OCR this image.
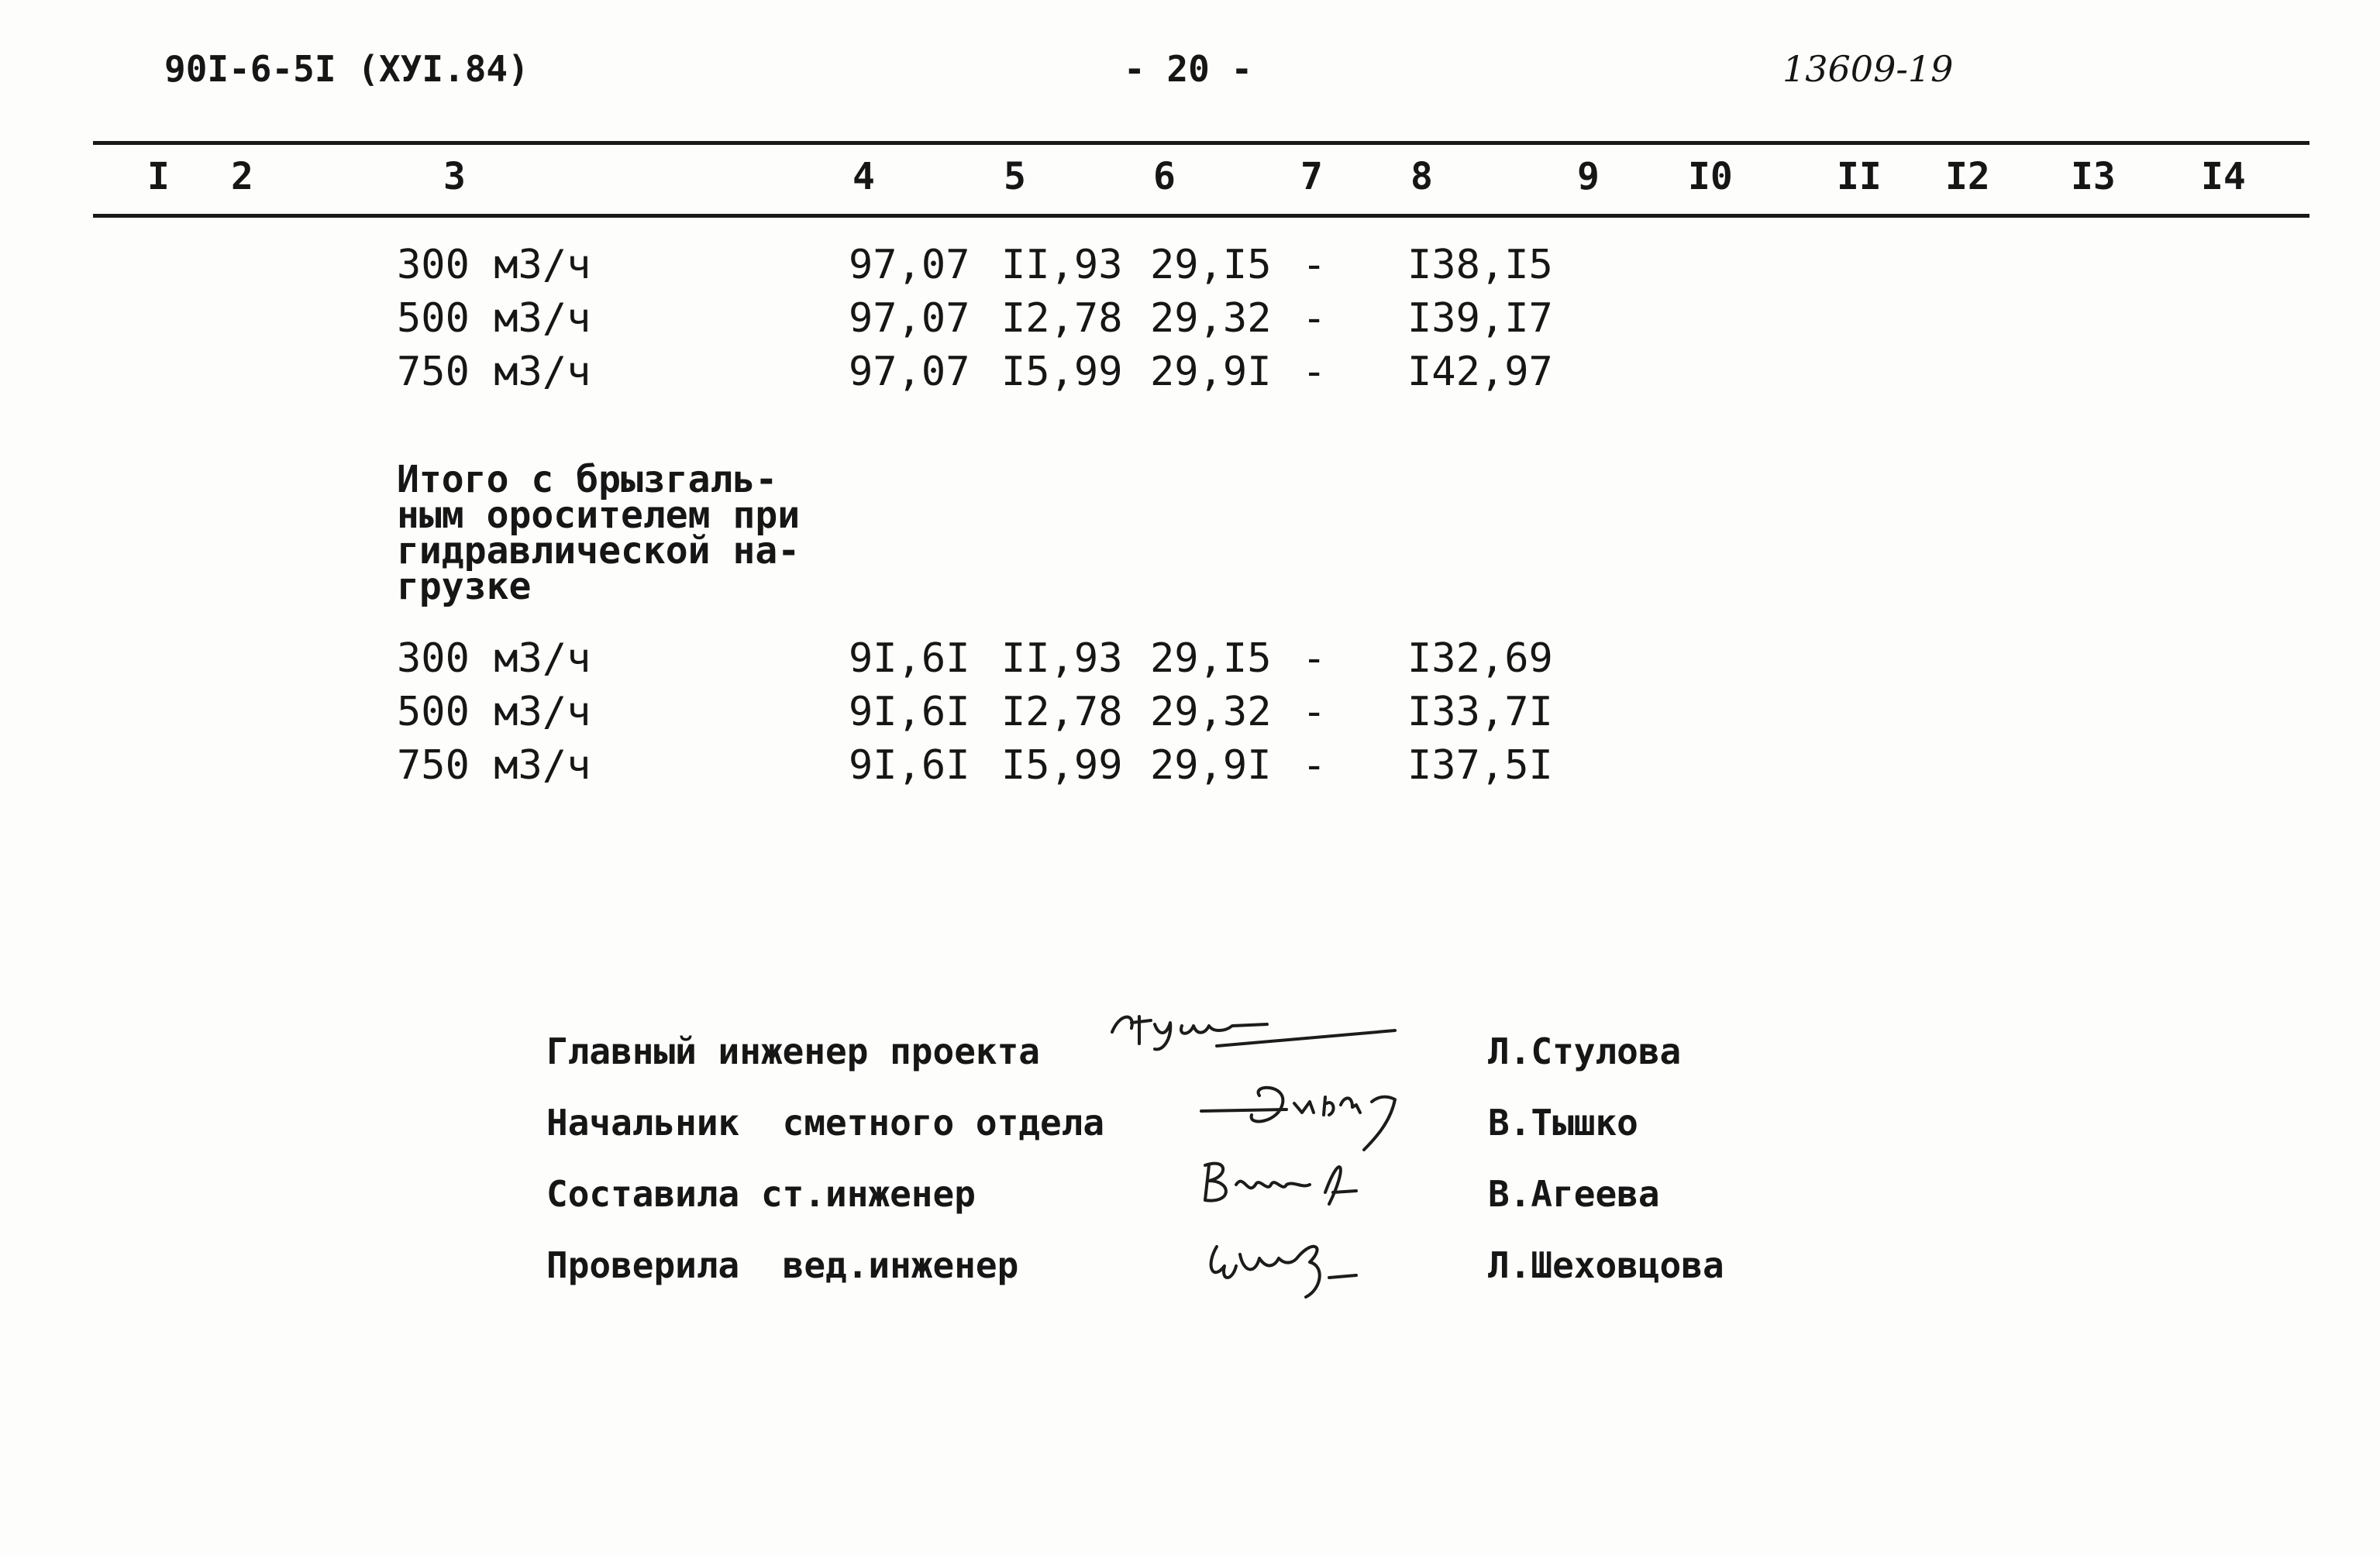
90I-6-5I (XУI.84)	- 20 -	13609-19
I 2	3	4	5	6	7 8	9 I0	II I2 I3 I4
300 м3/ч	97,07 II,93 29,I5 - I38,I5
500 м3/ч	97,07 I2,78 29,32 - I39,I7
750 м3/ч	97,07 I5,99 29,9I - I42,97
Итого с брызгаль-
ным оросителем при
гидравлической на-
грузке
300 м3/ч	9I,6I II,93 29,I5 - I32,69
500 м3/ч	9I,6I I2,78 29,32 - I33,7I
750 м3/ч	9I,6I I5,99 29,9I - I37,5I
Главный инженер проекта	Л.Стулова
Начальник  сметного отдела	В.Тышко
Составила ст.инженер	В.Агеева
Проверила  вед.инженер	Л.Шеховцова
